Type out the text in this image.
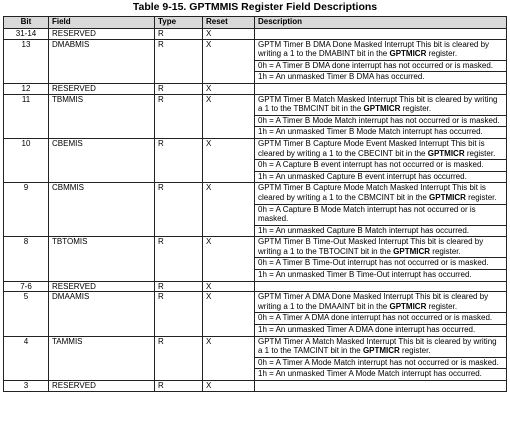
Table 9-15. GPTMMIS Register Field Descriptions
Bit	Field	Type	Reset	Description
31-14	RESERVED	R	X	
13	DMABMIS	R	X	GPTM Timer B DMA Done Masked Interrupt This bit is cleared by writing a 1 to the DMABINT bit in the GPTMICR register.
0h = A Timer B DMA done interrupt has not occurred or is masked.
1h = An unmasked Timer B DMA has occurred.

12	RESERVED	R	X	
11	TBMMIS	R	X	GPTM Timer B Match Masked Interrupt This bit is cleared by writing a 1 to the TBMCINT bit in the GPTMICR register.
0h = A Timer B Mode Match interrupt has not occurred or is masked.
1h = An unmasked Timer B Mode Match interrupt has occurred.

10	CBEMIS	R	X	GPTM Timer B Capture Mode Event Masked Interrupt This bit is cleared by writing a 1 to the CBECINT bit in the GPTMICR register.
0h = A Capture B event interrupt has not occurred or is masked.
1h = An unmasked Capture B event interrupt has occurred.

9	CBMMIS	R	X	GPTM Timer B Capture Mode Match Masked Interrupt This bit is cleared by writing a 1 to the CBMCINT bit in the GPTMICR register.
0h = A Capture B Mode Match interrupt has not occurred or is masked.
1h = An unmasked Capture B Match interrupt has occurred.

8	TBTOMIS	R	X	GPTM Timer B Time-Out Masked Interrupt This bit is cleared by writing a 1 to the TBTOCINT bit in the GPTMICR register.
0h = A Timer B Time-Out interrupt has not occurred or is masked.
1h = An unmasked Timer B Time-Out interrupt has occurred.

7-6	RESERVED	R	X	
5	DMAAMIS	R	X	GPTM Timer A DMA Done Masked Interrupt This bit is cleared by writing a 1 to the DMAAINT bit in the GPTMICR register.
0h = A Timer A DMA done interrupt has not occurred or is masked.
1h = An unmasked Timer A DMA done interrupt has occurred.

4	TAMMIS	R	X	GPTM Timer A Match Masked Interrupt This bit is cleared by writing a 1 to the TAMCINT bit in the GPTMICR register.
0h = A Timer A Mode Match interrupt has not occurred or is masked.
1h = An unmasked Timer A Mode Match interrupt has occurred.

3	RESERVED	R	X	
